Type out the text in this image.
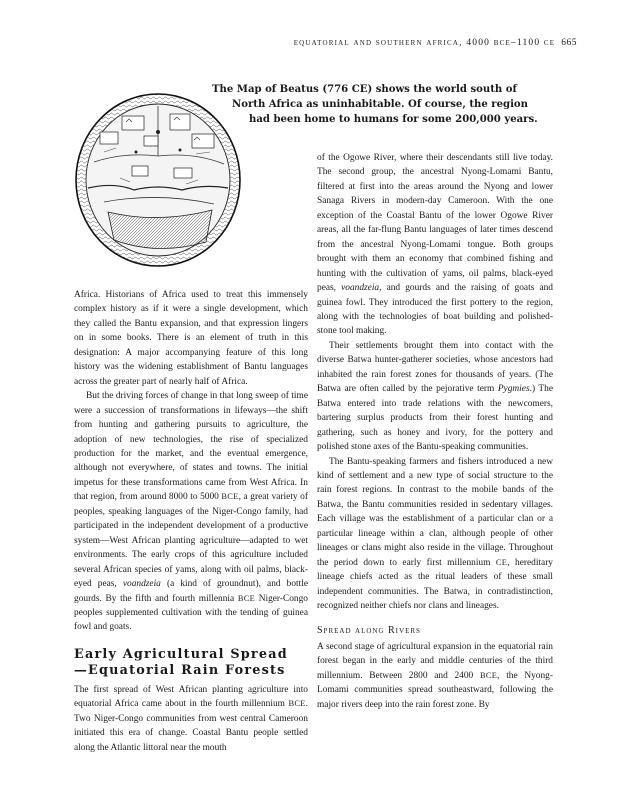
equatorial and southern africa, 4000 bce–1100 ce 665
The Map of Beatus (776 CE) shows the world south of
North Africa as uninhabitable. Of course, the region
had been home to humans for some 200,000 years.

Africa. Historians of Africa used to treat this immensely complex history as if it were a single development, which they called the Bantu expansion, and that expression lingers on in some books. There is an element of truth in this designation: A major accompanying feature of this long history was the widening establishment of Bantu languages across the greater part of nearly half of Africa.

But the driving forces of change in that long sweep of time were a succession of transformations in lifeways—the shift from hunting and gathering pursuits to agriculture, the adoption of new technologies, the rise of specialized production for the market, and the eventual emergence, although not everywhere, of states and towns. The initial impetus for these transformations came from West Africa. In that region, from around 8000 to 5000 BCE, a great variety of peoples, speaking languages of the Niger-Congo family, had participated in the independent development of a productive system—West African planting agriculture—adapted to wet environments. The early crops of this agriculture included several African species of yams, along with oil palms, black-eyed peas, voandzeia (a kind of groundnut), and bottle gourds. By the fifth and fourth millennia BCE Niger-Congo peoples supplemented cultivation with the tending of guinea fowl and goats.

Early Agricultural Spread
—Equatorial Rain Forests

The first spread of West African planting agriculture into equatorial Africa came about in the fourth millennium BCE. Two Niger-Congo communities from west central Cameroon initiated this era of change. Coastal Bantu people settled along the Atlantic littoral near the mouth

of the Ogowe River, where their descendants still live today. The second group, the ancestral Nyong-Lomami Bantu, filtered at first into the areas around the Nyong and lower Sanaga Rivers in modern-day Cameroon. With the one exception of the Coastal Bantu of the lower Ogowe River areas, all the far-flung Bantu languages of later times descend from the ancestral Nyong-Lomami tongue. Both groups brought with them an economy that combined fishing and hunting with the cultivation of yams, oil palms, black-eyed peas, voandzeia, and gourds and the raising of goats and guinea fowl. They introduced the first pottery to the region, along with the technologies of boat building and polished-stone tool making.

Their settlements brought them into contact with the diverse Batwa hunter-gatherer societies, whose ancestors had inhabited the rain forest zones for thousands of years. (The Batwa are often called by the pejorative term Pygmies.) The Batwa entered into trade relations with the newcomers, bartering surplus products from their forest hunting and gathering, such as honey and ivory, for the pottery and polished stone axes of the Bantu-speaking communities.

The Bantu-speaking farmers and fishers introduced a new kind of settlement and a new type of social structure to the rain forest regions. In contrast to the mobile bands of the Batwa, the Bantu communities resided in sedentary villages. Each village was the establishment of a particular clan or a particular lineage within a clan, although people of other lineages or clans might also reside in the village. Throughout the period down to early first millennium CE, hereditary lineage chiefs acted as the ritual leaders of these small independent communities. The Batwa, in contradistinction, recognized neither chiefs nor clans and lineages.

Spread along Rivers

A second stage of agricultural expansion in the equatorial rain forest began in the early and middle centuries of the third millennium. Between 2800 and 2400 BCE, the Nyong-Lomami communities spread southeastward, following the major rivers deep into the rain forest zone. By
